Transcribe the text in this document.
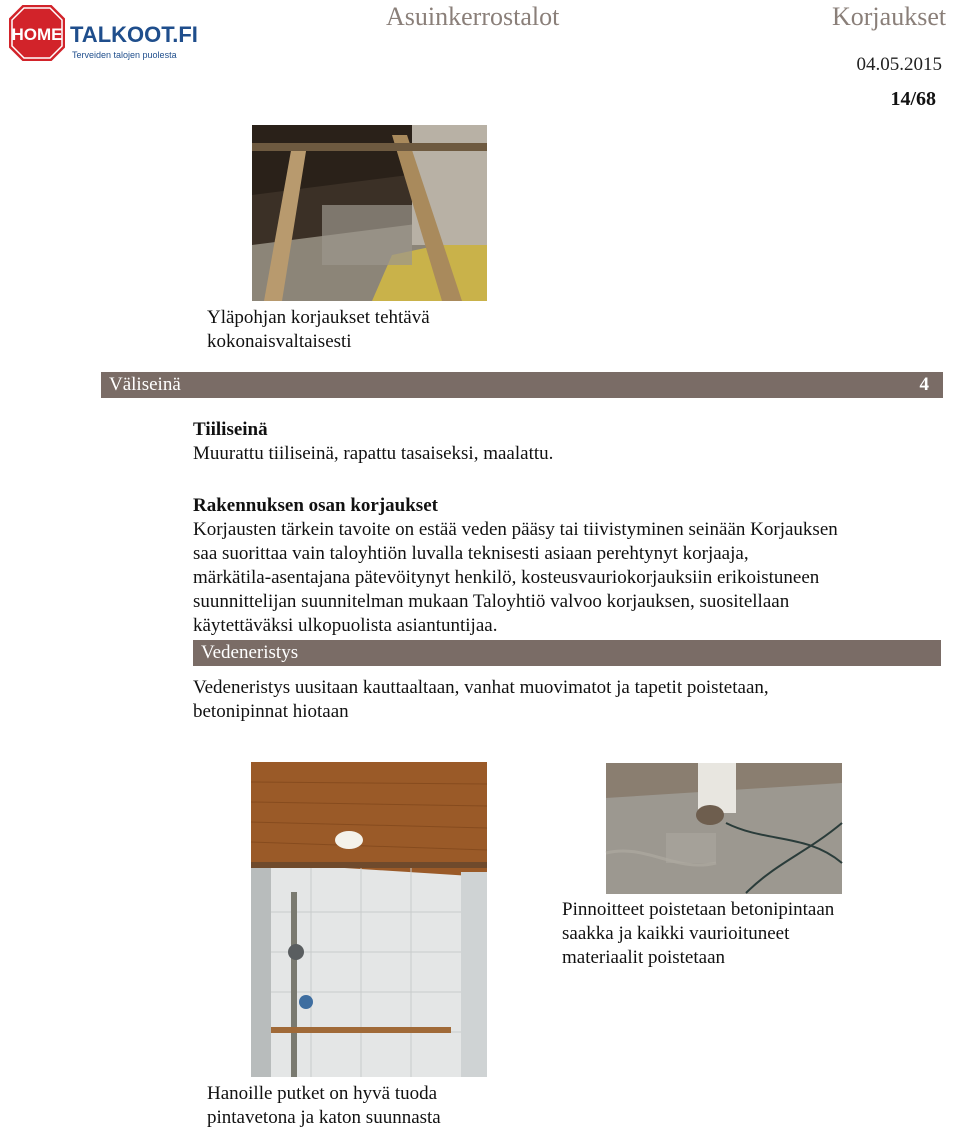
HOME TALKOOT.FI
Terveiden talojen puolesta
Asuinkerrostalot	Korjaukset
04.05.2015
14/68
Yläpohjan korjaukset tehtävä
kokonaisvaltaisesti
Väliseinä	4
Tiiliseinä
Muurattu tiiliseinä, rapattu tasaiseksi, maalattu.
Rakennuksen osan korjaukset
Korjausten tärkein tavoite on estää veden pääsy tai tiivistyminen seinään Korjauksen
saa suorittaa vain taloyhtiön luvalla teknisesti asiaan perehtynyt korjaaja,
märkätila-asentajana pätevöitynyt henkilö, kosteusvauriokorjauksiin erikoistuneen
suunnittelijan suunnitelman mukaan Taloyhtiö valvoo korjauksen, suositellaan
käytettäväksi ulkopuolista asiantuntijaa.
Vedeneristys
Vedeneristys uusitaan kauttaaltaan, vanhat muovimatot ja tapetit poistetaan,
betonipinnat hiotaan
Hanoille putket on hyvä tuoda
pintavetona ja katon suunnasta
Pinnoitteet poistetaan betonipintaan
saakka ja kaikki vaurioituneet
materiaalit poistetaan
